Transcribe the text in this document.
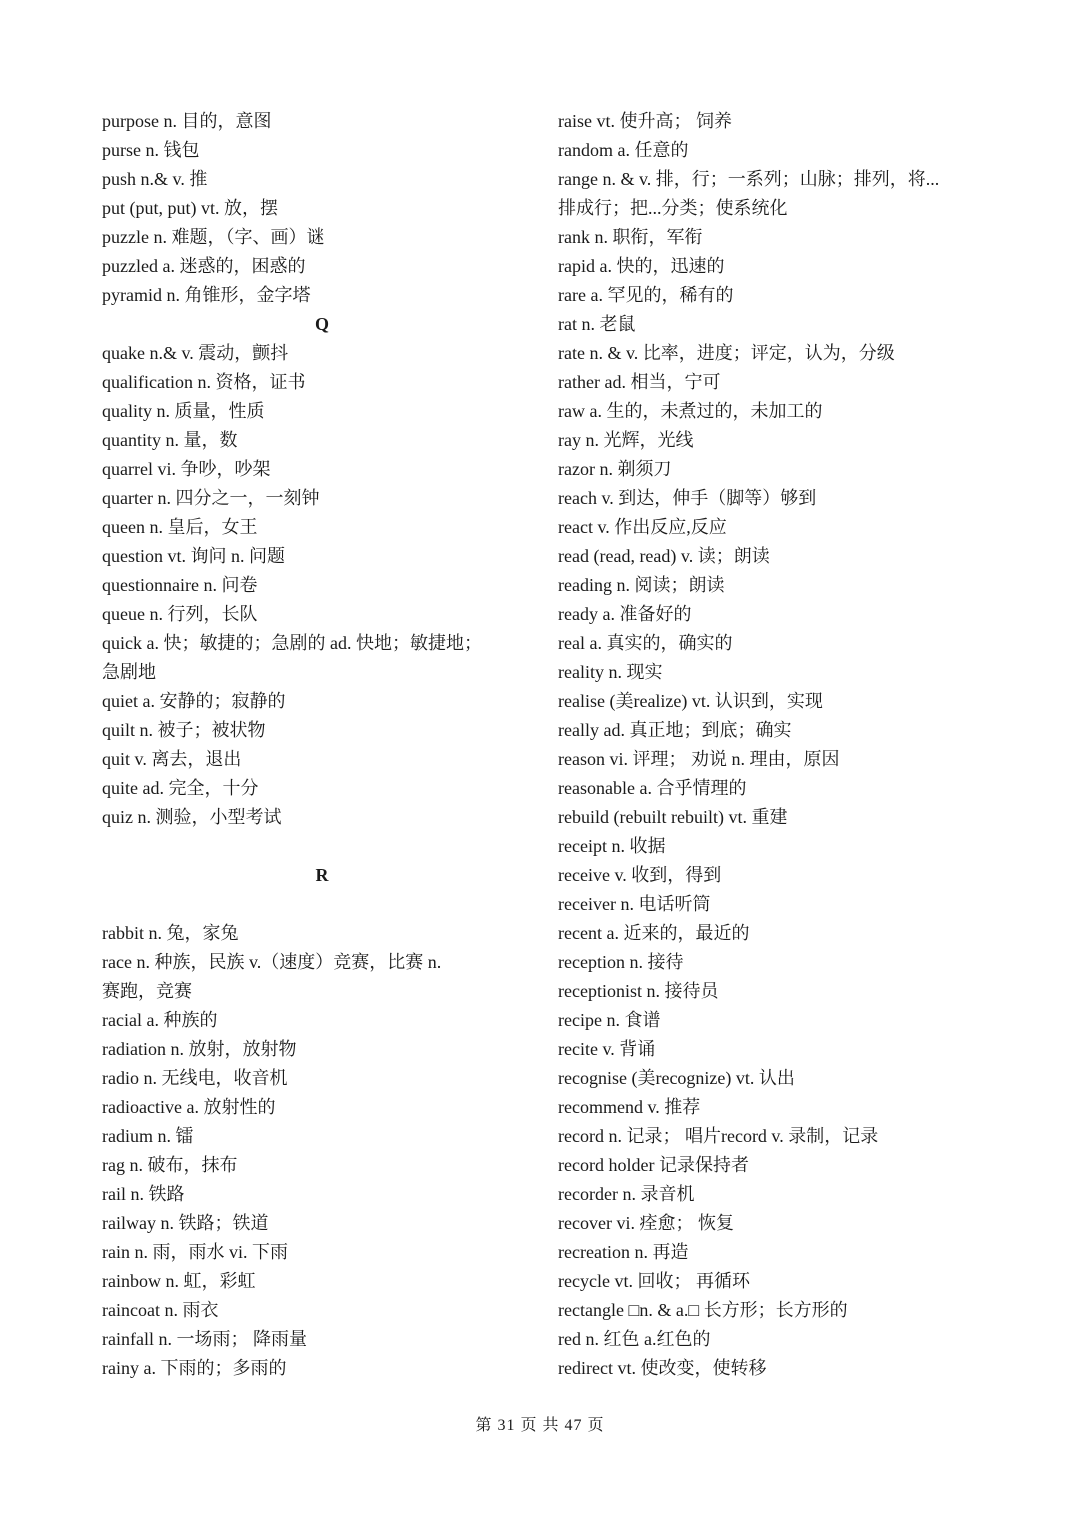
purpose n. 目的，意图
purse n. 钱包
push n.& v. 推
put (put, put) vt. 放，摆
puzzle n. 难题，（字、画）谜
puzzled a. 迷惑的，困惑的
pyramid n. 角锥形，金字塔
Q
quake n.& v. 震动，颤抖
qualification n. 资格，证书
quality n. 质量，性质
quantity n. 量，数
quarrel vi. 争吵，吵架
quarter n. 四分之一，一刻钟
queen n. 皇后，女王
question vt. 询问 n. 问题
questionnaire n. 问卷
queue n. 行列，长队
quick a. 快；敏捷的；急剧的 ad. 快地；敏捷地；
急剧地
quiet a. 安静的；寂静的
quilt n. 被子；被状物
quit v. 离去，退出
quite ad. 完全，十分
quiz n. 测验，小型考试
R
rabbit n. 兔，家兔
race n. 种族，民族 v.（速度）竞赛，比赛 n.
赛跑，竞赛
racial a. 种族的
radiation n. 放射，放射物
radio n. 无线电，收音机
radioactive a. 放射性的
radium n. 镭
rag n. 破布，抹布
rail n. 铁路
railway n. 铁路；铁道
rain n. 雨，雨水 vi. 下雨
rainbow n. 虹，彩虹
raincoat n. 雨衣
rainfall n. 一场雨； 降雨量
rainy a. 下雨的；多雨的
raise vt. 使升高； 饲养
random a. 任意的
range n. & v. 排，行；一系列；山脉；排列，将...
排成行；把...分类；使系统化
rank n. 职衔，军衔
rapid a. 快的，迅速的
rare a. 罕见的，稀有的
rat n. 老鼠
rate n. & v. 比率，进度；评定，认为，分级
rather ad. 相当，宁可
raw a. 生的，未煮过的，未加工的
ray n. 光辉，光线
razor n. 剃须刀
reach v. 到达，伸手（脚等）够到
react v. 作出反应,反应
read (read, read) v. 读；朗读
reading n. 阅读；朗读
ready a. 准备好的
real a. 真实的，确实的
reality n. 现实
realise (美realize) vt. 认识到，实现
really ad. 真正地；到底；确实
reason vi. 评理； 劝说 n. 理由，原因
reasonable a. 合乎情理的
rebuild (rebuilt rebuilt) vt. 重建
receipt n. 收据
receive v. 收到，得到
receiver n. 电话听筒
recent a. 近来的，最近的
reception n. 接待
receptionist n. 接待员
recipe n. 食谱
recite v. 背诵
recognise (美recognize) vt. 认出
recommend v. 推荐
record n. 记录； 唱片record v. 录制，记录
record holder 记录保持者
recorder n. 录音机
recover vi. 痊愈； 恢复
recreation n. 再造
recycle vt. 回收； 再循环
rectangle □n. & a.□ 长方形；长方形的
red n. 红色 a.红色的
redirect vt. 使改变，使转移
第 31 页 共 47 页
